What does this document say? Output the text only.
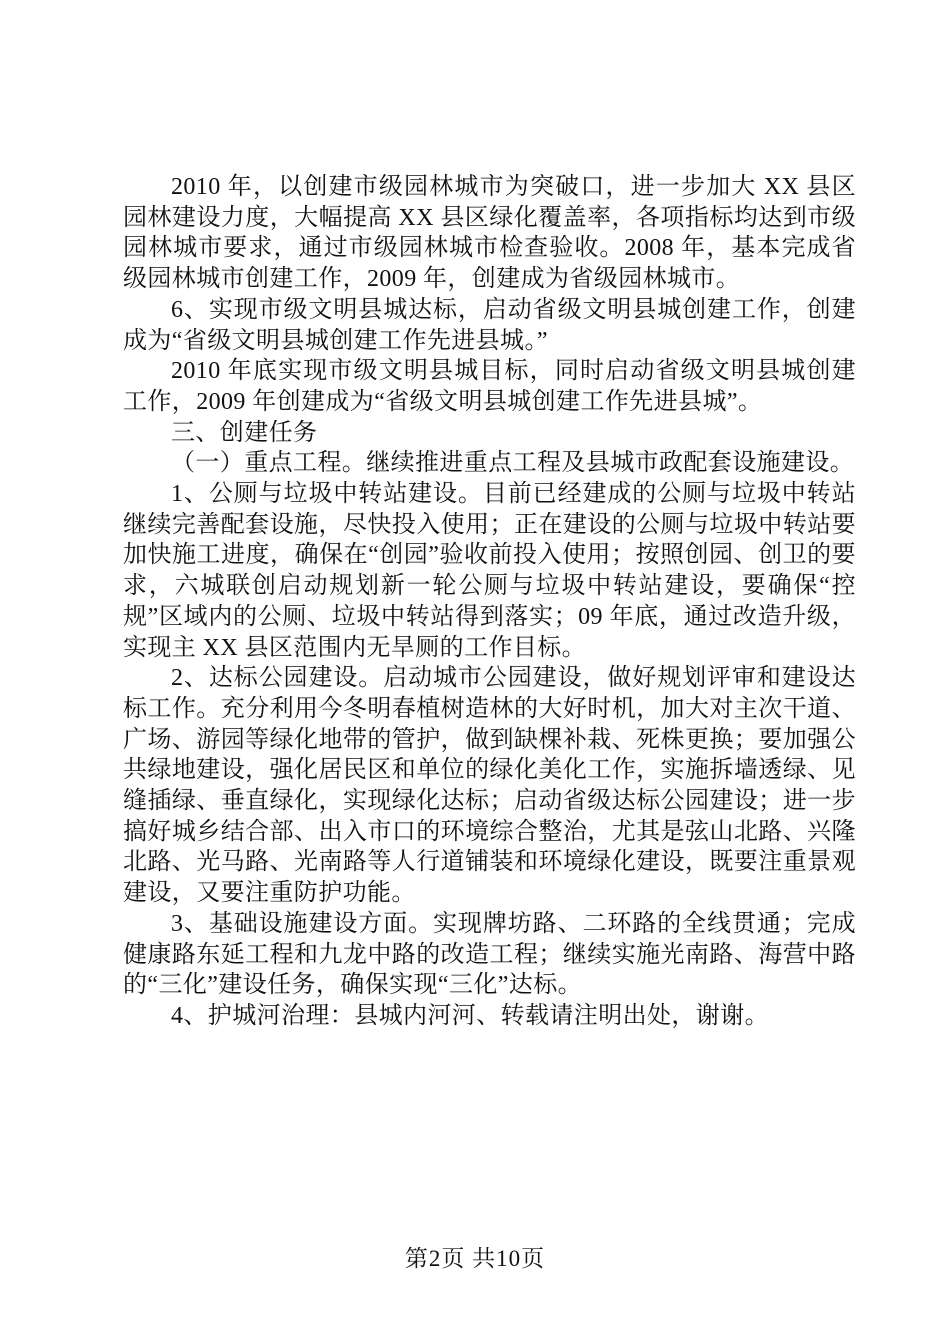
2010 年，以创建市级园林城市为突破口，进一步加大 XX 县区园林建设力度，大幅提高 XX 县区绿化覆盖率，各项指标均达到市级园林城市要求，通过市级园林城市检查验收。2008 年，基本完成省级园林城市创建工作，2009 年，创建成为省级园林城市。

6、实现市级文明县城达标，启动省级文明县城创建工作，创建成为“省级文明县城创建工作先进县城。”

2010 年底实现市级文明县城目标，同时启动省级文明县城创建工作，2009 年创建成为“省级文明县城创建工作先进县城”。

三、创建任务

（一）重点工程。继续推进重点工程及县城市政配套设施建设。

1、公厕与垃圾中转站建设。目前已经建成的公厕与垃圾中转站继续完善配套设施，尽快投入使用；正在建设的公厕与垃圾中转站要加快施工进度，确保在“创园”验收前投入使用；按照创园、创卫的要求，六城联创启动规划新一轮公厕与垃圾中转站建设，要确保“控规”区域内的公厕、垃圾中转站得到落实；09 年底，通过改造升级，实现主 XX 县区范围内无旱厕的工作目标。

2、达标公园建设。启动城市公园建设，做好规划评审和建设达标工作。充分利用今冬明春植树造林的大好时机，加大对主次干道、广场、游园等绿化地带的管护，做到缺棵补栽、死株更换；要加强公共绿地建设，强化居民区和单位的绿化美化工作，实施拆墙透绿、见缝插绿、垂直绿化，实现绿化达标；启动省级达标公园建设；进一步搞好城乡结合部、出入市口的环境综合整治，尤其是弦山北路、兴隆北路、光马路、光南路等人行道铺装和环境绿化建设，既要注重景观建设，又要注重防护功能。

3、基础设施建设方面。实现牌坊路、二环路的全线贯通；完成健康路东延工程和九龙中路的改造工程；继续实施光南路、海营中路的“三化”建设任务，确保实现“三化”达标。

4、护城河治理：县城内河河、转载请注明出处，谢谢。

第2页 共10页
